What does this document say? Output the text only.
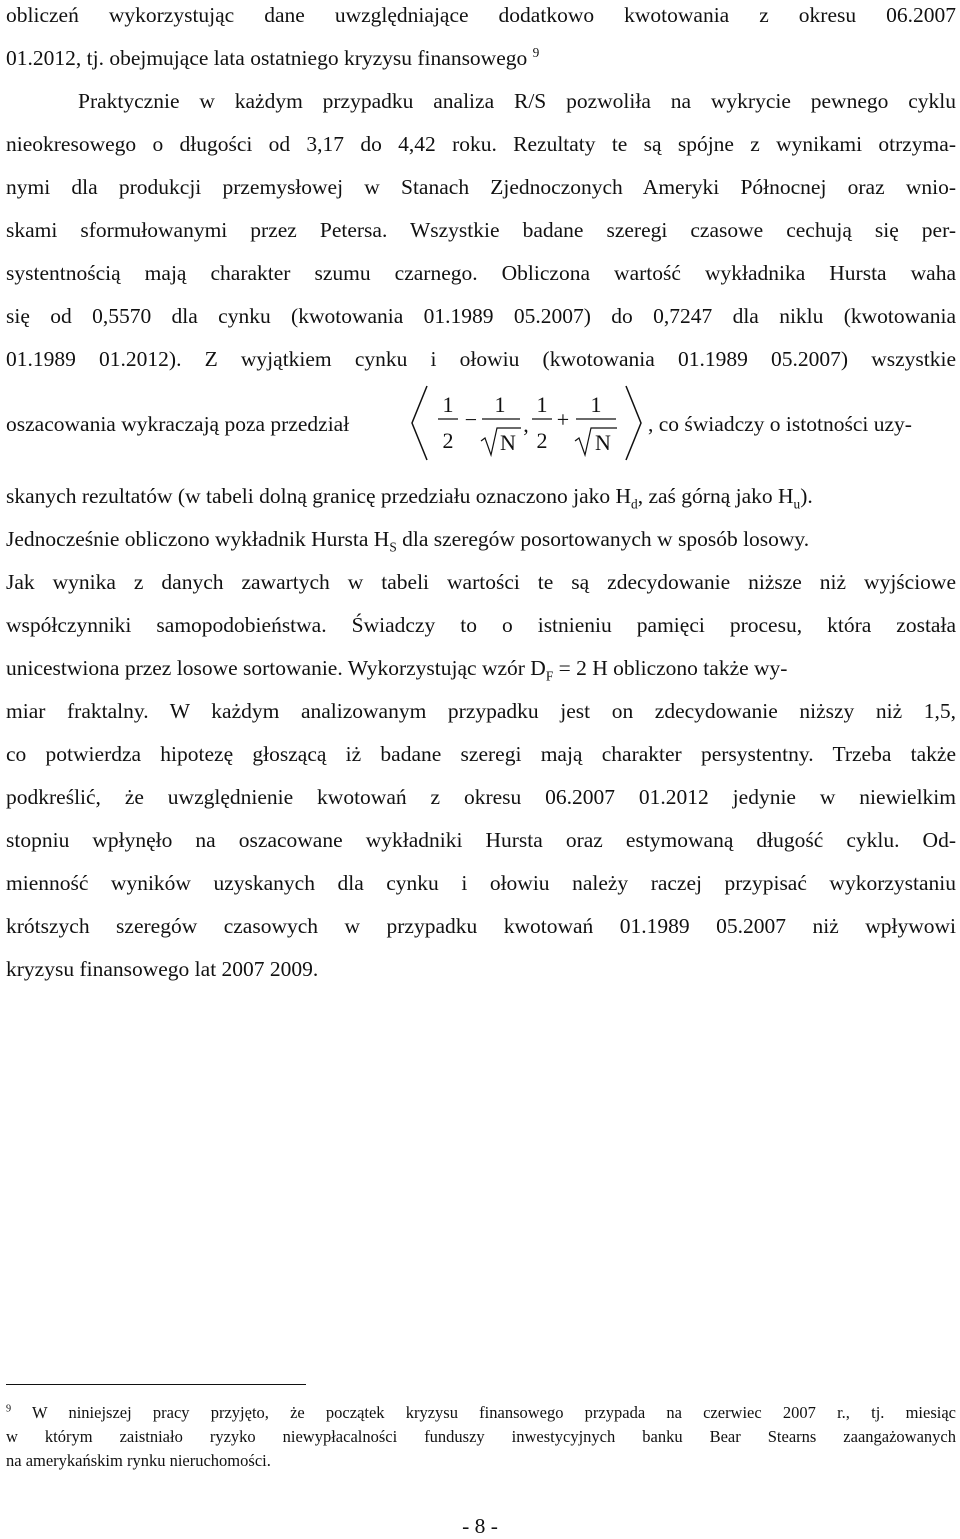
obliczeń wykorzystując dane uwzględniające dodatkowo kwotowania z okresu 06.2007
01.2012, tj. obejmujące lata ostatniego kryzysu finansowego $^9$
Praktycznie w każdym przypadku analiza R/S pozwoliła na wykrycie pewnego cyklu
nieokresowego o długości od 3,17 do 4,42 roku. Rezultaty te są spójne z wynikami otrzyma-
nymi dla produkcji przemysłowej w Stanach Zjednoczonych Ameryki Północnej oraz wnio-
skami sformułowanymi przez Petersa. Wszystkie badane szeregi czasowe cechują się per-
systentnością mają charakter szumu czarnego. Obliczona wartość wykładnika Hursta waha
się od 0,5570 dla cynku (kwotowania 01.1989 05.2007) do 0,7247 dla niklu (kwotowania
01.1989 01.2012). Z wyjątkiem cynku i ołowiu (kwotowania 01.1989 05.2007) wszystkie
oszacowania wykraczają poza przedział
1
2
−
1
N
,
1
2
+
1
N
, co świadczy o istotności uzy-
skanych rezultatów (w tabeli dolną granicę przedziału oznaczono jako $H_d$, zaś górną jako $H_u$).
Jednocześnie obliczono wykładnik Hursta $H_S$ dla szeregów posortowanych w sposób losowy.
Jak wynika z danych zawartych w tabeli wartości te są zdecydowanie niższe niż wyjściowe
współczynniki samopodobieństwa. Świadczy to o istnieniu pamięci procesu, która została
unicestwiona przez losowe sortowanie. Wykorzystując wzór $D_F = 2$ H obliczono także wy-
miar fraktalny. W każdym analizowanym przypadku jest on zdecydowanie niższy niż 1,5,
co potwierdza hipotezę głoszącą iż badane szeregi mają charakter persystentny. Trzeba także
podkreślić, że uwzględnienie kwotowań z okresu 06.2007 01.2012 jedynie w niewielkim
stopniu wpłynęło na oszacowane wykładniki Hursta oraz estymowaną długość cyklu. Od-
mienność wyników uzyskanych dla cynku i ołowiu należy raczej przypisać wykorzystaniu
krótszych szeregów czasowych w przypadku kwotowań 01.1989 05.2007 niż wpływowi
kryzysu finansowego lat 2007 2009.
$^9$ W niniejszej pracy przyjęto, że początek kryzysu finansowego przypada na czerwiec 2007 r., tj. miesiąc
w którym zaistniało ryzyko niewypłacalności funduszy inwestycyjnych banku Bear Stearns zaangażowanych
na amerykańskim rynku nieruchomości.
- 8 -
